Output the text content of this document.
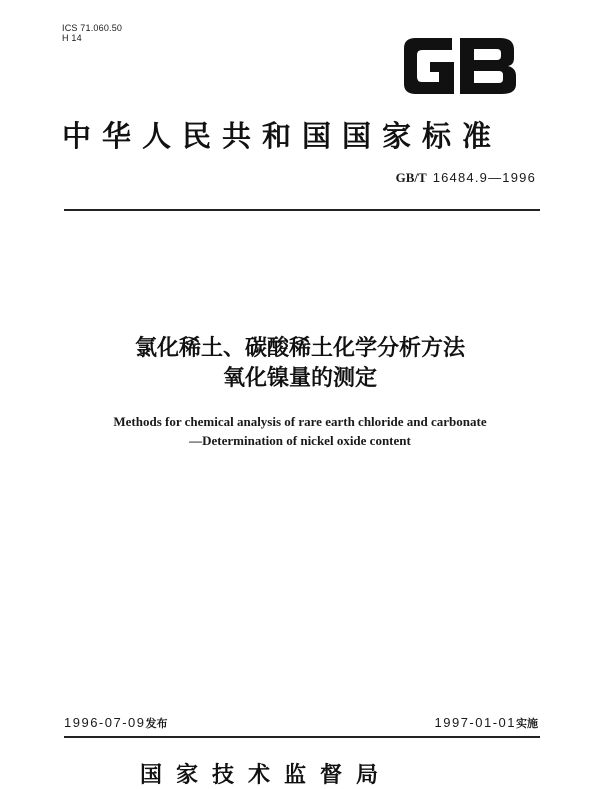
ICS 71.060.50
H 14
中华人民共和国国家标准
GB/T 16484.9—1996
氯化稀土、碳酸稀土化学分析方法
氧化镍量的测定
Methods for chemical analysis of rare earth chloride and carbonate
—Determination of nickel oxide content
1996-07-09发布	1997-01-01实施
国家技术监督局
